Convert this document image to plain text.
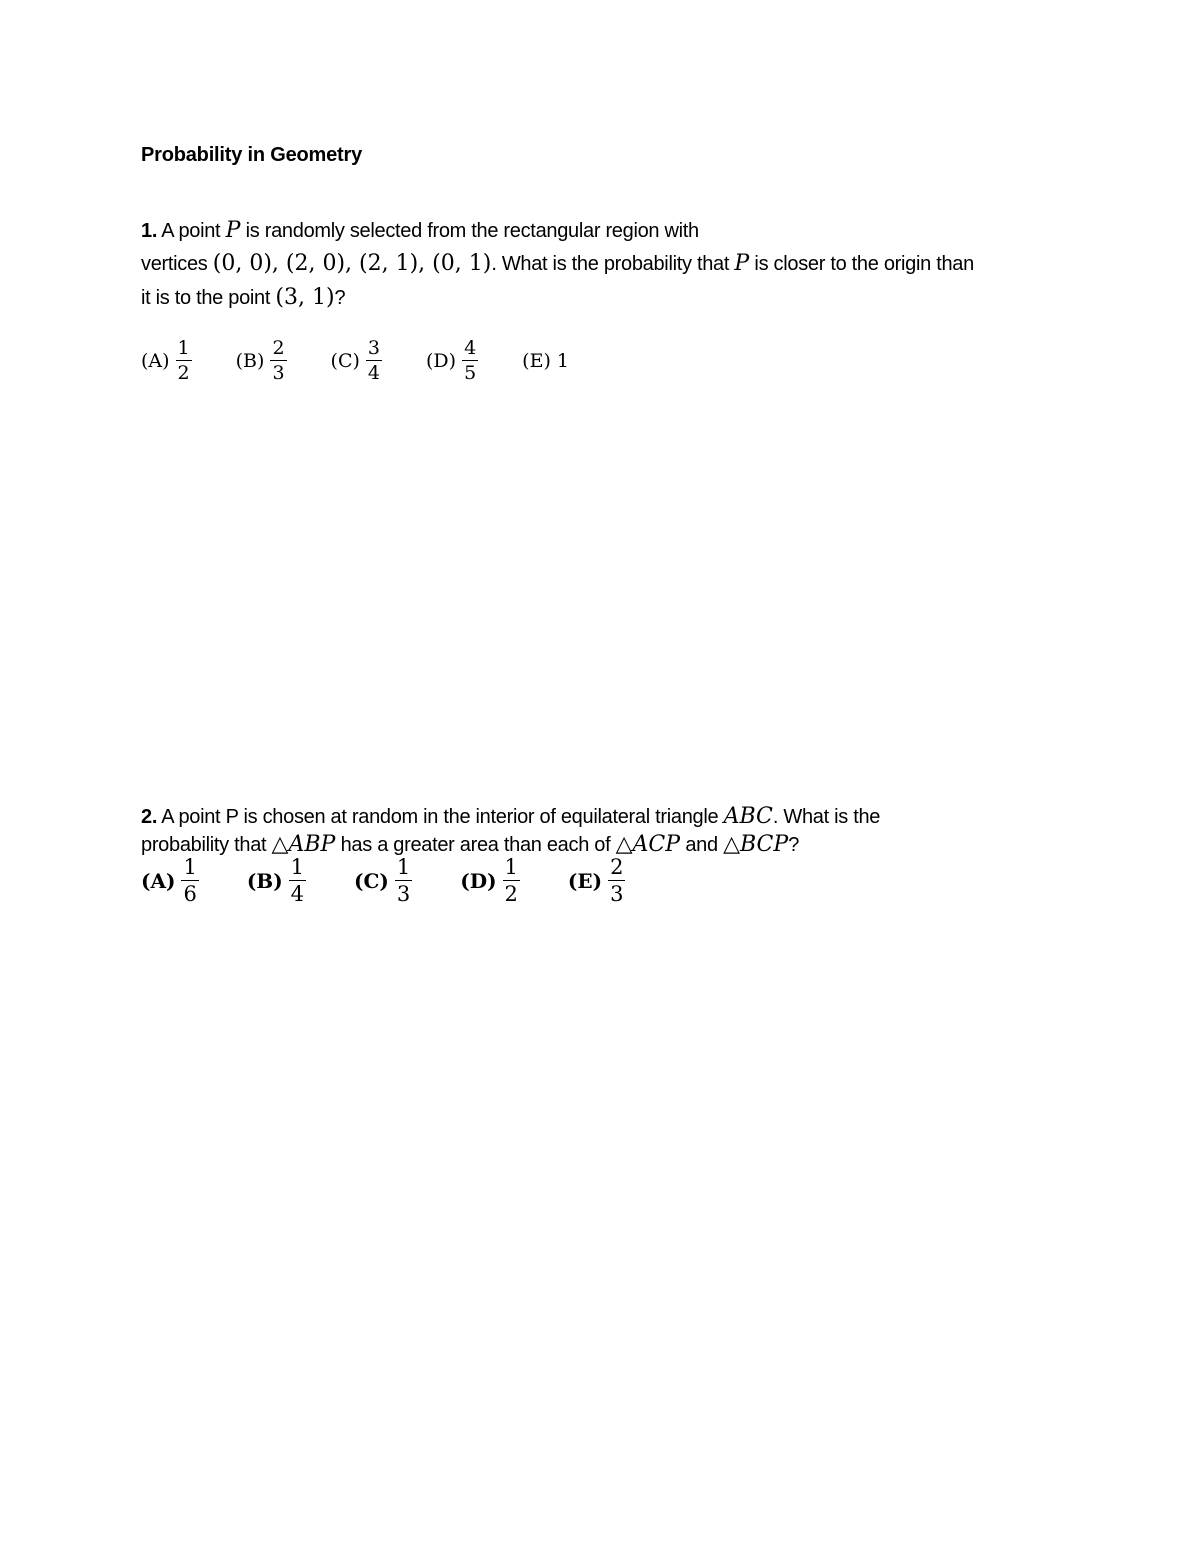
Probability in Geometry
1. A point P is randomly selected from the rectangular region with
vertices (0, 0), (2, 0), (2, 1), (0, 1). What is the probability that P is closer to the origin than
it is to the point (3, 1)?
$(A) \frac{1}{2} (B) \frac{2}{3} (C) \frac{3}{4} (D) \frac{4}{5} (E)$ 1
2. A point P is chosen at random in the interior of equilateral triangle ABC. What is the
probability that △ABP has a greater area than each of △ACP and △BCP?
$(A) \frac{1}{6} (B) \frac{1}{4} (C) \frac{1}{3} (D) \frac{1}{2} (E) \frac{2}{3}$
